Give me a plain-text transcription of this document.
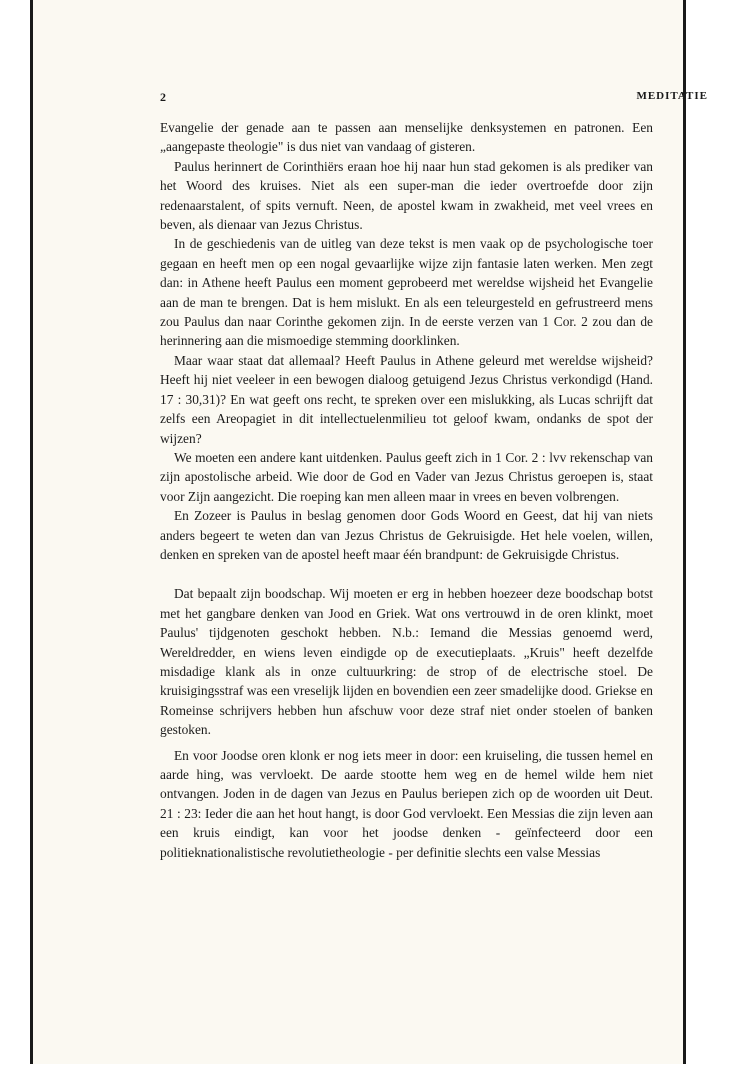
2	MEDITATIE

Evangelie der genade aan te passen aan menselijke denksystemen en patronen. Een „aangepaste theologie" is dus niet van vandaag of gisteren.

Paulus herinnert de Corinthiërs eraan hoe hij naar hun stad gekomen is als prediker van het Woord des kruises. Niet als een super-man die ieder overtroefde door zijn redenaarstalent, of spits vernuft. Neen, de apostel kwam in zwakheid, met veel vrees en beven, als dienaar van Jezus Christus.

In de geschiedenis van de uitleg van deze tekst is men vaak op de psychologische toer gegaan en heeft men op een nogal gevaarlijke wijze zijn fantasie laten werken. Men zegt dan: in Athene heeft Paulus een moment geprobeerd met wereldse wijsheid het Evangelie aan de man te brengen. Dat is hem mislukt. En als een teleurgesteld en gefrustreerd mens zou Paulus dan naar Corinthe gekomen zijn. In de eerste verzen van 1 Cor. 2 zou dan de herinnering aan die mismoedige stemming doorklinken.

Maar waar staat dat allemaal? Heeft Paulus in Athene geleurd met wereldse wijsheid? Heeft hij niet veeleer in een bewogen dialoog getuigend Jezus Christus verkondigd (Hand. 17 : 30,31)? En wat geeft ons recht, te spreken over een mislukking, als Lucas schrijft dat zelfs een Areopagiet in dit intellectuelenmilieu tot geloof kwam, ondanks de spot der wijzen?

We moeten een andere kant uitdenken. Paulus geeft zich in 1 Cor. 2 : lvv rekenschap van zijn apostolische arbeid. Wie door de God en Vader van Jezus Christus geroepen is, staat voor Zijn aangezicht. Die roeping kan men alleen maar in vrees en beven volbrengen.

En Zozeer is Paulus in beslag genomen door Gods Woord en Geest, dat hij van niets anders begeert te weten dan van Jezus Christus de Gekruisigde. Het hele voelen, willen, denken en spreken van de apostel heeft maar één brandpunt: de Gekruisigde Christus.

Dat bepaalt zijn boodschap. Wij moeten er erg in hebben hoezeer deze boodschap botst met het gangbare denken van Jood en Griek. Wat ons vertrouwd in de oren klinkt, moet Paulus' tijdgenoten geschokt hebben. N.b.: Iemand die Messias genoemd werd, Wereldredder, en wiens leven eindigde op de executieplaats. „Kruis" heeft dezelfde misdadige klank als in onze cultuurkring: de strop of de electrische stoel. De kruisigingsstraf was een vreselijk lijden en bovendien een zeer smadelijke dood. Griekse en Romeinse schrijvers hebben hun afschuw voor deze straf niet onder stoelen of banken gestoken.

En voor Joodse oren klonk er nog iets meer in door: een kruiseling, die tussen hemel en aarde hing, was vervloekt. De aarde stootte hem weg en de hemel wilde hem niet ontvangen. Joden in de dagen van Jezus en Paulus beriepen zich op de woorden uit Deut. 21 : 23: Ieder die aan het hout hangt, is door God vervloekt. Een Messias die zijn leven aan een kruis eindigt, kan voor het joodse denken - geïnfecteerd door een politieknationalistische revolutietheologie - per definitie slechts een valse Messias
